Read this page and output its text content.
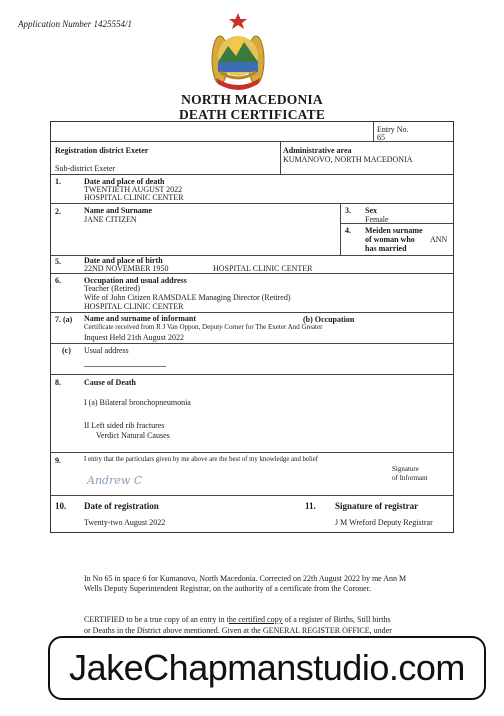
Application Number 1425554/1
NORTH MACEDONIA
DEATH CERTIFICATE
Entry No.
65
Registration district Exeter
Sub-district Exeter
Administrative area
KUMANOVO, NORTH MACEDONIA
1.	Date and place of death
TWENTIETH AUGUST 2022
HOSPITAL CLINIC CENTER
2.	Name and Surname
JANE CITIZEN
3. Sex
Female
4. Meiden surname
of woman who
has married
ANN
5.	Date and place of birth
22ND NOVEMBER 1950	HOSPITAL CLINIC CENTER
6.	Occupation and usual address
Teacher (Retired)
Wife of John Citizen RAMSDALE Managing Director (Retired)
HOSPITAL CLINIC CENTER
7. (a) Name and surname of informant	(b) Occupation
Certificate received from R J Van Oppon, Deputy Corner for The Exeter And Greater
Inquest Held 21th August 2022
(c) Usual address
8.	Cause of Death
I (a) Bilateral bronchopneumonia
II Left sided rib fractures
Verdict Natural Causes
9.	I entry that the particulars given by me above are the best of my knowledge and belief
Signature
of Informant
Andrew C
10. Date of registration
Twenty-two August 2022
11. Signature of registrar
J M Wreford Deputy Registrar
In No 65 in space 6 for Kumanovo, North Macedonia. Corrected on 22th August 2022 by me Ann M
Wells Deputy Superintendent Registrar, on the authority of a certificate from the Coroner.
CERTIFIED to be a true copy of an entry in the certified copy of a register of Births, Still births
or Deaths in the District above mentioned. Given at the GENERAL REGISTER OFFICE, under
JakeChapmanstudio.com
